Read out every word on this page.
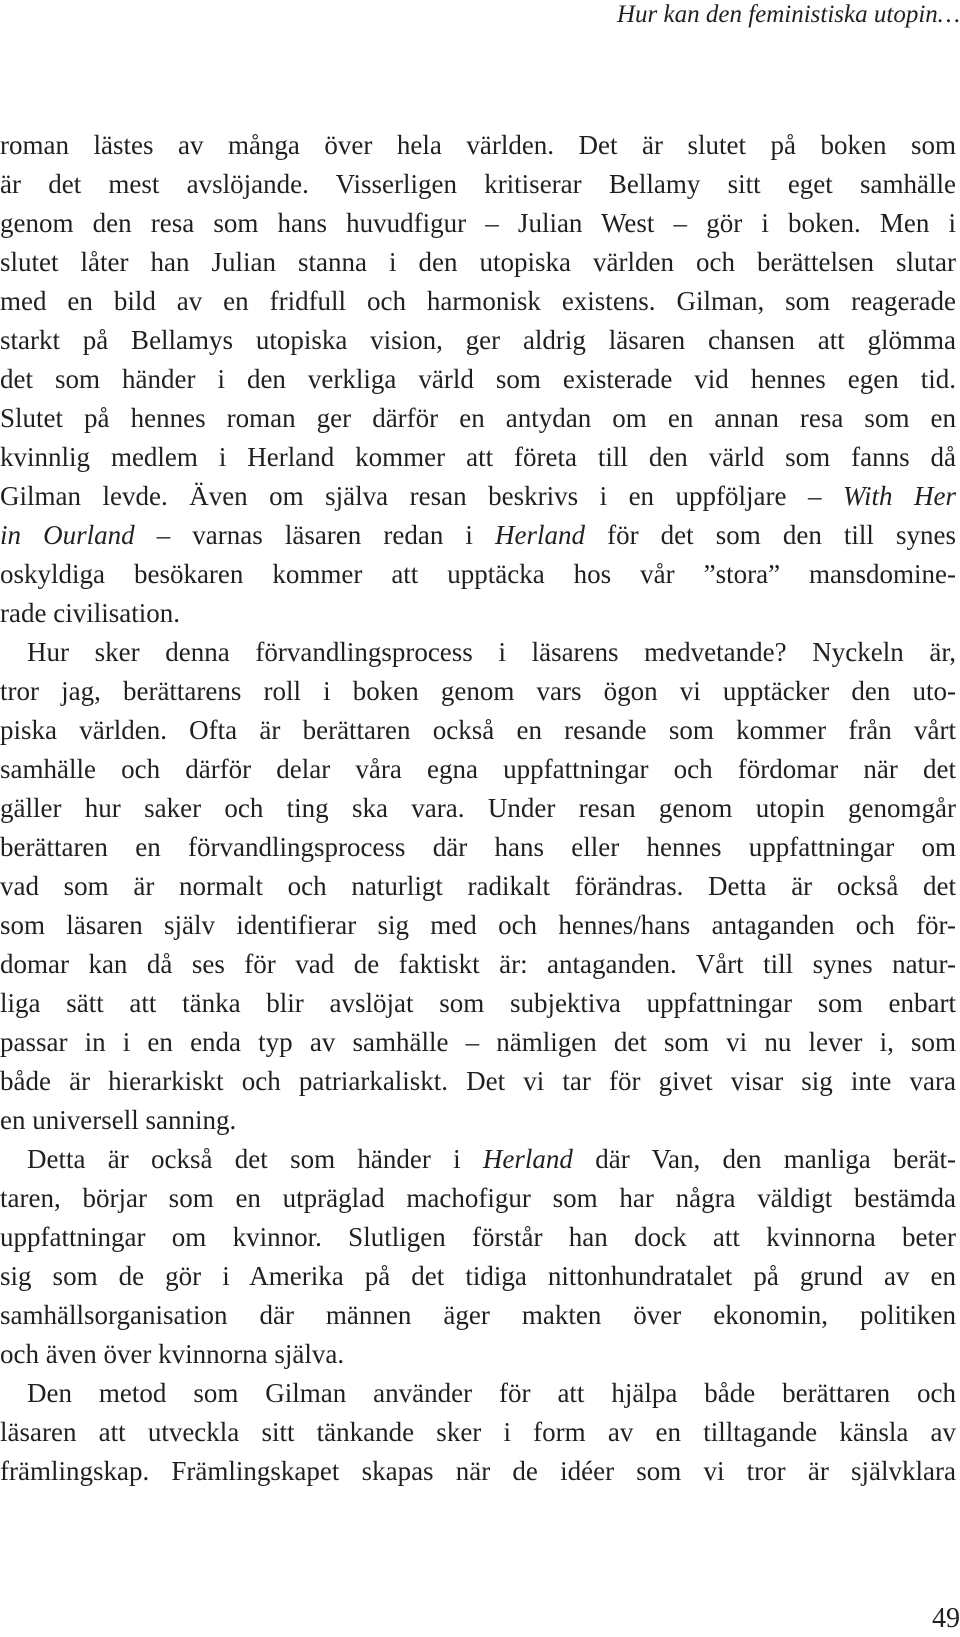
Hur kan den feministiska utopin…

roman lästes av många över hela världen. Det är slutet på boken som
är det mest avslöjande. Visserligen kritiserar Bellamy sitt eget samhälle
genom den resa som hans huvudfigur – Julian West – gör i boken. Men i
slutet låter han Julian stanna i den utopiska världen och berättelsen slutar
med en bild av en fridfull och harmonisk existens. Gilman, som reagerade
starkt på Bellamys utopiska vision, ger aldrig läsaren chansen att glömma
det som händer i den verkliga värld som existerade vid hennes egen tid.
Slutet på hennes roman ger därför en antydan om en annan resa som en
kvinnlig medlem i Herland kommer att företa till den värld som fanns då
Gilman levde. Även om själva resan beskrivs i en uppföljare – With Her
in Ourland – varnas läsaren redan i Herland för det som den till synes
oskyldiga besökaren kommer att upptäcka hos vår ”stora” mansdomine-
rade civilisation.
Hur sker denna förvandlingsprocess i läsarens medvetande? Nyckeln är,
tror jag, berättarens roll i boken genom vars ögon vi upptäcker den uto-
piska världen. Ofta är berättaren också en resande som kommer från vårt
samhälle och därför delar våra egna uppfattningar och fördomar när det
gäller hur saker och ting ska vara. Under resan genom utopin genomgår
berättaren en förvandlingsprocess där hans eller hennes uppfattningar om
vad som är normalt och naturligt radikalt förändras. Detta är också det
som läsaren själv identifierar sig med och hennes/hans antaganden och för-
domar kan då ses för vad de faktiskt är: antaganden. Vårt till synes natur-
liga sätt att tänka blir avslöjat som subjektiva uppfattningar som enbart
passar in i en enda typ av samhälle – nämligen det som vi nu lever i, som
både är hierarkiskt och patriarkaliskt. Det vi tar för givet visar sig inte vara
en universell sanning.
Detta är också det som händer i Herland där Van, den manliga berät-
taren, börjar som en utpräglad machofigur som har några väldigt bestämda
uppfattningar om kvinnor. Slutligen förstår han dock att kvinnorna beter
sig som de gör i Amerika på det tidiga nittonhundratalet på grund av en
samhällsorganisation där männen äger makten över ekonomin, politiken
och även över kvinnorna själva.
Den metod som Gilman använder för att hjälpa både berättaren och
läsaren att utveckla sitt tänkande sker i form av en tilltagande känsla av
främlingskap. Främlingskapet skapas när de idéer som vi tror är självklara

49
